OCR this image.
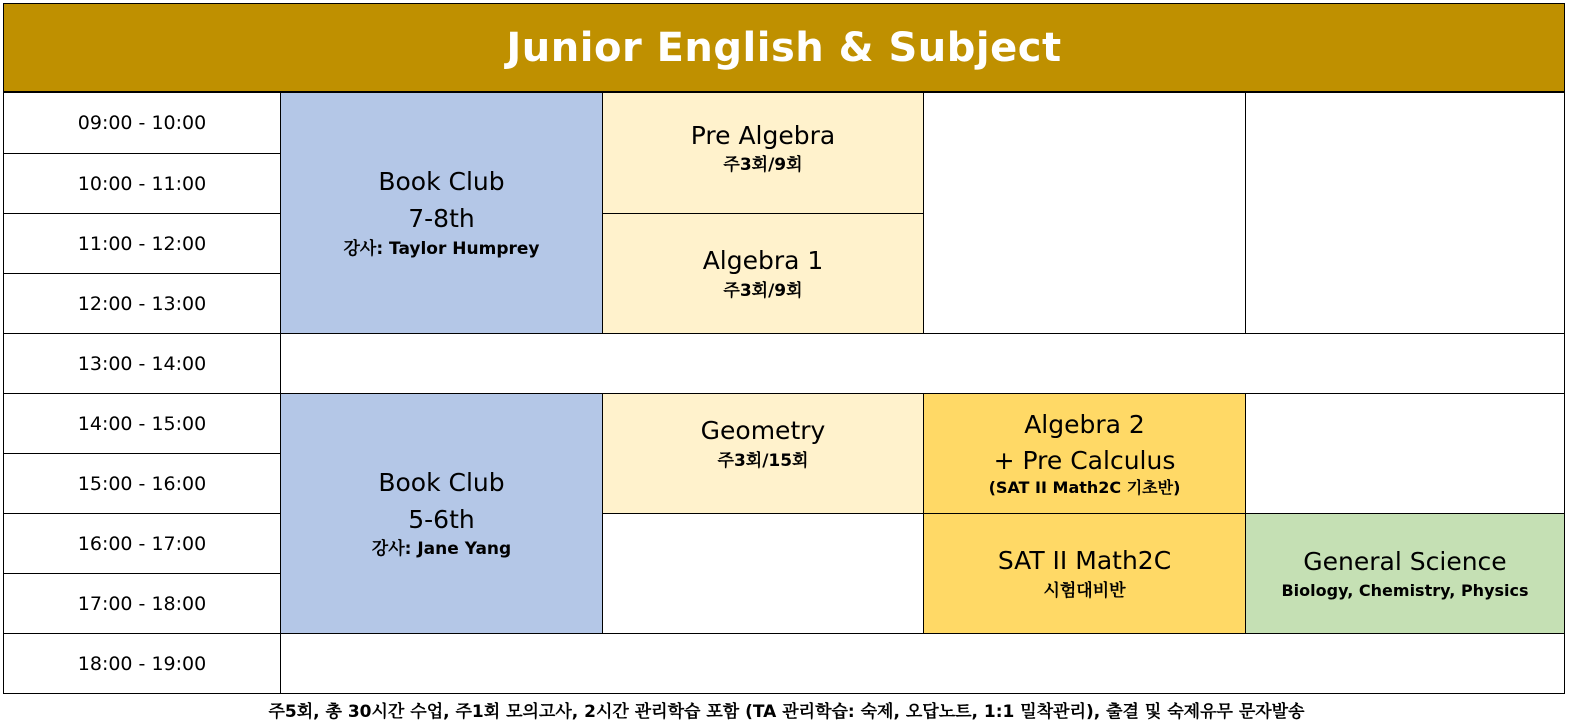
Junior English & Subject
09:00 - 10:00
10:00 - 11:00
11:00 - 12:00
12:00 - 13:00
13:00 - 14:00
14:00 - 15:00
15:00 - 16:00
16:00 - 17:00
17:00 - 18:00
18:00 - 19:00
Book Club
7-8th
강사: Taylor Humprey
Pre Algebra
주3회/9회
Algebra 1
주3회/9회
Book Club
5-6th
강사: Jane Yang
Geometry
주3회/15회
Algebra 2
+ Pre Calculus
(SAT II Math2C 기초반)
SAT II Math2C
시험대비반
General Science
Biology, Chemistry, Physics
주5회, 총 30시간 수업, 주1회 모의고사, 2시간 관리학습 포함 (TA 관리학습: 숙제, 오답노트, 1:1 밀착관리), 출결 및 숙제유무 문자발송
